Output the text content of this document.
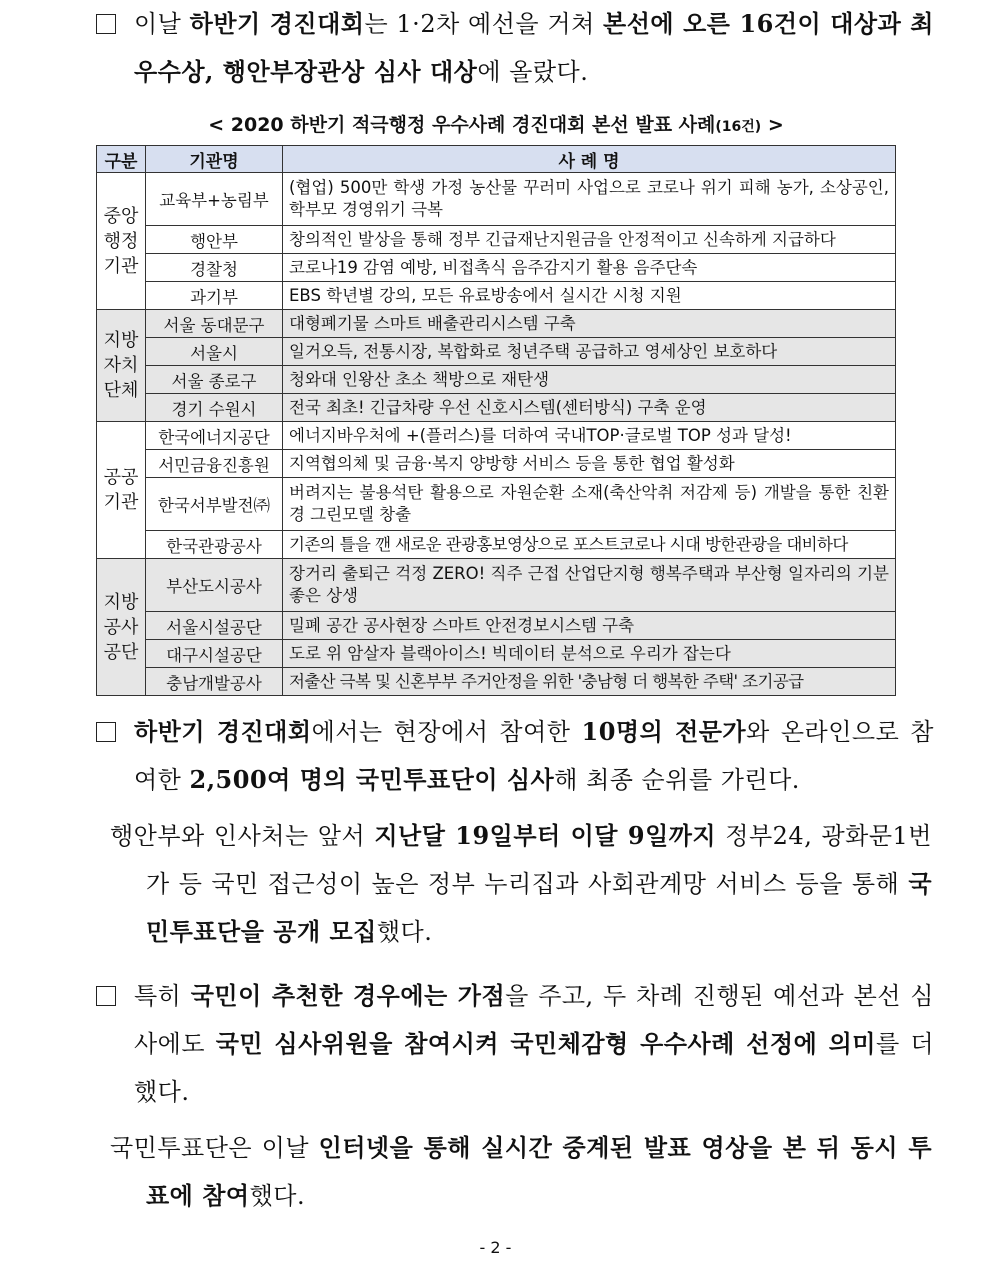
이날 하반기 경진대회는 1·2차 예선을 거쳐 본선에 오른 16건이 대상과 최우수상, 행안부장관상 심사 대상에 올랐다.
< 2020 하반기 적극행정 우수사례 경진대회 본선 발표 사례(16건) >
구분	기관명	사 례 명
중앙
행정
기관	교육부+농림부	(협업) 500만 학생 가정 농산물 꾸러미 사업으로 코로나 위기 피해 농가, 소상공인, 학부모 경영위기 극복
	행안부	창의적인 발상을 통해 정부 긴급재난지원금을 안정적이고 신속하게 지급하다
	경찰청	코로나19 감염 예방, 비접촉식 음주감지기 활용 음주단속
	과기부	EBS 학년별 강의, 모든 유료방송에서 실시간 시청 지원
지방
자치
단체	서울 동대문구	대형폐기물 스마트 배출관리시스템 구축
	서울시	일거오득, 전통시장, 복합화로 청년주택 공급하고 영세상인 보호하다
	서울 종로구	청와대 인왕산 초소 책방으로 재탄생
	경기 수원시	전국 최초! 긴급차량 우선 신호시스템(센터방식) 구축 운영
공공
기관	한국에너지공단	에너지바우처에 +(플러스)를 더하여 국내TOP·글로벌 TOP 성과 달성!
	서민금융진흥원	지역협의체 및 금융·복지 양방향 서비스 등을 통한 협업 활성화
	한국서부발전㈜	버려지는 불용석탄 활용으로 자원순환 소재(축산악취 저감제 등) 개발을 통한 친환경 그린모델 창출
	한국관광공사	기존의 틀을 깬 새로운 관광홍보영상으로 포스트코로나 시대 방한관광을 대비하다
지방
공사
공단	부산도시공사	장거리 출퇴근 걱정 ZERO! 직주 근접 산업단지형 행복주택과 부산형 일자리의 기분 좋은 상생
	서울시설공단	밀폐 공간 공사현장 스마트 안전경보시스템 구축
	대구시설공단	도로 위 암살자 블랙아이스! 빅데이터 분석으로 우리가 잡는다
	충남개발공사	저출산 극복 및 신혼부부 주거안정을 위한 '충남형 더 행복한 주택' 조기공급
하반기 경진대회에서는 현장에서 참여한 10명의 전문가와 온라인으로 참여한 2,500여 명의 국민투표단이 심사해 최종 순위를 가린다.
행안부와 인사처는 앞서 지난달 19일부터 이달 9일까지 정부24, 광화문1번가 등 국민 접근성이 높은 정부 누리집과 사회관계망 서비스 등을 통해 국민투표단을 공개 모집했다.
특히 국민이 추천한 경우에는 가점을 주고, 두 차례 진행된 예선과 본선 심사에도 국민 심사위원을 참여시켜 국민체감형 우수사례 선정에 의미를 더했다.
국민투표단은 이날 인터넷을 통해 실시간 중계된 발표 영상을 본 뒤 동시 투표에 참여했다.
- 2 -
